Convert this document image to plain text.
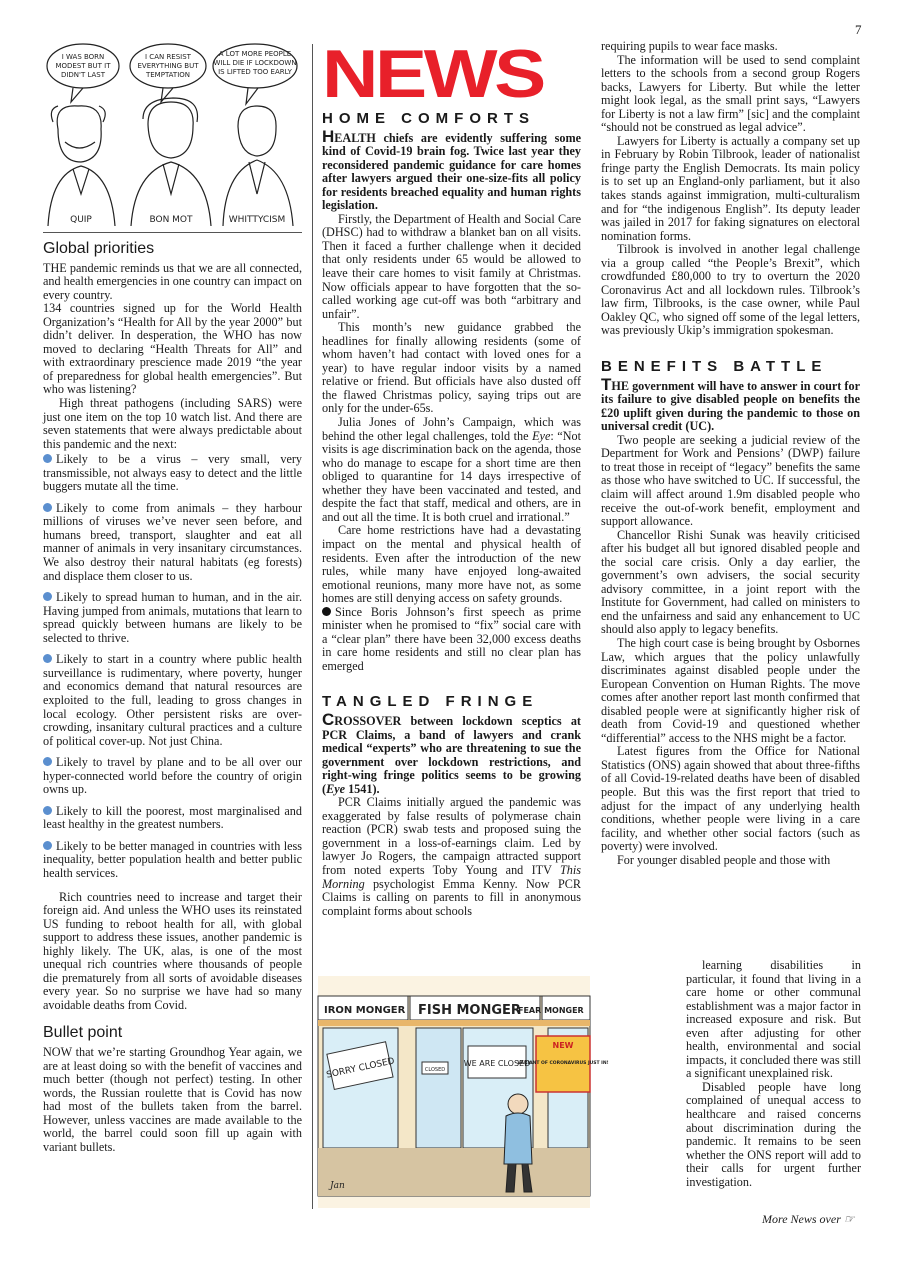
7
I WAS BORN
MODEST BUT IT
DIDN'T LAST
I CAN RESIST
EVERYTHING BUT
TEMPTATION
A LOT MORE PEOPLE
WILL DIE IF LOCKDOWN
IS LIFTED TOO EARLY
QUIP	BON MOT	WHITTYCISM
Global priorities

THE pandemic reminds us that we are all connected, and health emergencies in one country can impact on every country.

134 countries signed up for the World Health Organization’s “Health for All by the year 2000” but didn’t deliver. In desperation, the WHO has now moved to declaring “Health Threats for All” and with extraordinary prescience made 2019 “the year of preparedness for global health emergencies”. But who was listening?

High threat pathogens (including SARS) were just one item on the top 10 watch list. And there are seven statements that were always predictable about this pandemic and the next:

Likely to be a virus – very small, very transmissible, not always easy to detect and the little buggers mutate all the time.

Likely to come from animals – they harbour millions of viruses we’ve never seen before, and humans breed, transport, slaughter and eat all manner of animals in very insanitary circumstances. We also destroy their natural habitats (eg forests) and displace them closer to us.

Likely to spread human to human, and in the air. Having jumped from animals, mutations that learn to spread quickly between humans are likely to be selected to thrive.

Likely to start in a country where public health surveillance is rudimentary, where poverty, hunger and economics demand that natural resources are exploited to the full, leading to gross changes in local ecology. Other persistent risks are over-crowding, insanitary cultural practices and a culture of political cover-up. Not just China.

Likely to travel by plane and to be all over our hyper-connected world before the country of origin owns up.

Likely to kill the poorest, most marginalised and least healthy in the greatest numbers.

Likely to be better managed in countries with less inequality, better population health and better public health services.

Rich countries need to increase and target their foreign aid. And unless the WHO uses its reinstated US funding to reboot health for all, with global support to address these issues, another pandemic is highly likely. The UK, alas, is one of the most unequal rich countries where thousands of people die prematurely from all sorts of avoidable diseases every year. So no surprise we have had so many avoidable deaths from Covid.

Bullet point

NOW that we’re starting Groundhog Year again, we are at least doing so with the benefit of vaccines and much better (though not perfect) testing. In other words, the Russian roulette that is Covid has now had most of the bullets taken from the barrel. However, unless vaccines are made available to the world, the barrel could soon fill up again with variant bullets.

NEWS
HOME COMFORTS

HEALTH chiefs are evidently suffering some kind of Covid-19 brain fog. Twice last year they reconsidered pandemic guidance for care homes after lawyers argued their one-size-fits all policy for residents breached equality and human rights legislation.

Firstly, the Department of Health and Social Care (DHSC) had to withdraw a blanket ban on all visits. Then it faced a further challenge when it decided that only residents under 65 would be allowed to leave their care homes to visit family at Christmas. Now officials appear to have forgotten that the so-called working age cut-off was both “arbitrary and unfair”.

This month’s new guidance grabbed the headlines for finally allowing residents (some of whom haven’t had contact with loved ones for a year) to have regular indoor visits by a named relative or friend. But officials have also dusted off the flawed Christmas policy, saying trips out are only for the under-65s.

Julia Jones of John’s Campaign, which was behind the other legal challenges, told the Eye: “Not visits is age discrimination back on the agenda, those who do manage to escape for a short time are then obliged to quarantine for 14 days irrespective of whether they have been vaccinated and tested, and despite the fact that staff, medical and others, are in and out all the time. It is both cruel and irrational.”

Care home restrictions have had a devastating impact on the mental and physical health of residents. Even after the introduction of the new rules, while many have enjoyed long-awaited emotional reunions, many more have not, as some homes are still denying access on safety grounds.

Since Boris Johnson’s first speech as prime minister when he promised to “fix” social care with a “clear plan” there have been 32,000 excess deaths in care home residents and still no clear plan has emerged

TANGLED FRINGE

CROSSOVER between lockdown sceptics at PCR Claims, a band of lawyers and crank medical “experts” who are threatening to sue the government over lockdown restrictions, and right-wing fringe politics seems to be growing (Eye 1541).

PCR Claims initially argued the pandemic was exaggerated by false results of polymerase chain reaction (PCR) swab tests and proposed suing the government in a loss-of-earnings claim. Led by lawyer Jo Rogers, the campaign attracted support from noted experts Toby Young and ITV This Morning psychologist Emma Kenny. Now PCR Claims is calling on parents to fill in anonymous complaint forms about schools

requiring pupils to wear face masks.

The information will be used to send complaint letters to the schools from a second group Rogers backs, Lawyers for Liberty. But while the letter might look legal, as the small print says, “Lawyers for Liberty is not a law firm” [sic] and the complaint “should not be construed as legal advice”.

Lawyers for Liberty is actually a company set up in February by Robin Tilbrook, leader of nationalist fringe party the English Democrats. Its main policy is to set up an England-only parliament, but it also takes stands against immigration, multi-culturalism and for “the indigenous English”. Its deputy leader was jailed in 2017 for faking signatures on electoral nomination forms.

Tilbrook is involved in another legal challenge via a group called “the People’s Brexit”, which crowdfunded £80,000 to try to overturn the 2020 Coronavirus Act and all lockdown rules. Tilbrook’s law firm, Tilbrooks, is the case owner, while Paul Oakley QC, who signed off some of the legal letters, was previously Ukip’s immigration spokesman.

BENEFITS BATTLE

THE government will have to answer in court for its failure to give disabled people on benefits the £20 uplift given during the pandemic to those on universal credit (UC).

Two people are seeking a judicial review of the Department for Work and Pensions’ (DWP) failure to treat those in receipt of “legacy” benefits the same as those who have switched to UC. If successful, the claim will affect around 1.9m disabled people who receive the out-of-work benefit, employment and support allowance.

Chancellor Rishi Sunak was heavily criticised after his budget all but ignored disabled people and the social care crisis. Only a day earlier, the government’s own advisers, the social security advisory committee, in a joint report with the Institute for Government, had called on ministers to end the unfairness and said any enhancement to UC should also apply to legacy benefits.

The high court case is being brought by Osbornes Law, which argues that the policy unlawfully discriminates against disabled people under the European Convention on Human Rights. The move comes after another report last month confirmed that disabled people were at significantly higher risk of death from Covid-19 and questioned whether “differential” access to the NHS might be a factor.

Latest figures from the Office for National Statistics (ONS) again showed that about three-fifths of all Covid-19-related deaths have been of disabled people. But this was the first report that tried to adjust for the impact of any underlying health conditions, whether people were living in a care facility, and whether other social factors (such as poverty) were involved.

For younger disabled people and those with

learning disabilities in particular, it found that living in a care home or other communal establishment was a major factor in increased exposure and risk. But even after adjusting for other health, environmental and social impacts, it concluded there was still a significant unexplained risk.

Disabled people have long complained of unequal access to healthcare and raised concerns about discrimination during the pandemic. It remains to be seen whether the ONS report will add to their calls for urgent further investigation.

IRON MONGER FISH MONGER
FEAR MONGER
SORRY CLOSED	WE ARE CLOSED
CLOSED
NEW
VARIANT OF CORONAVIRUS JUST IN!
Jan
More News over ☞
